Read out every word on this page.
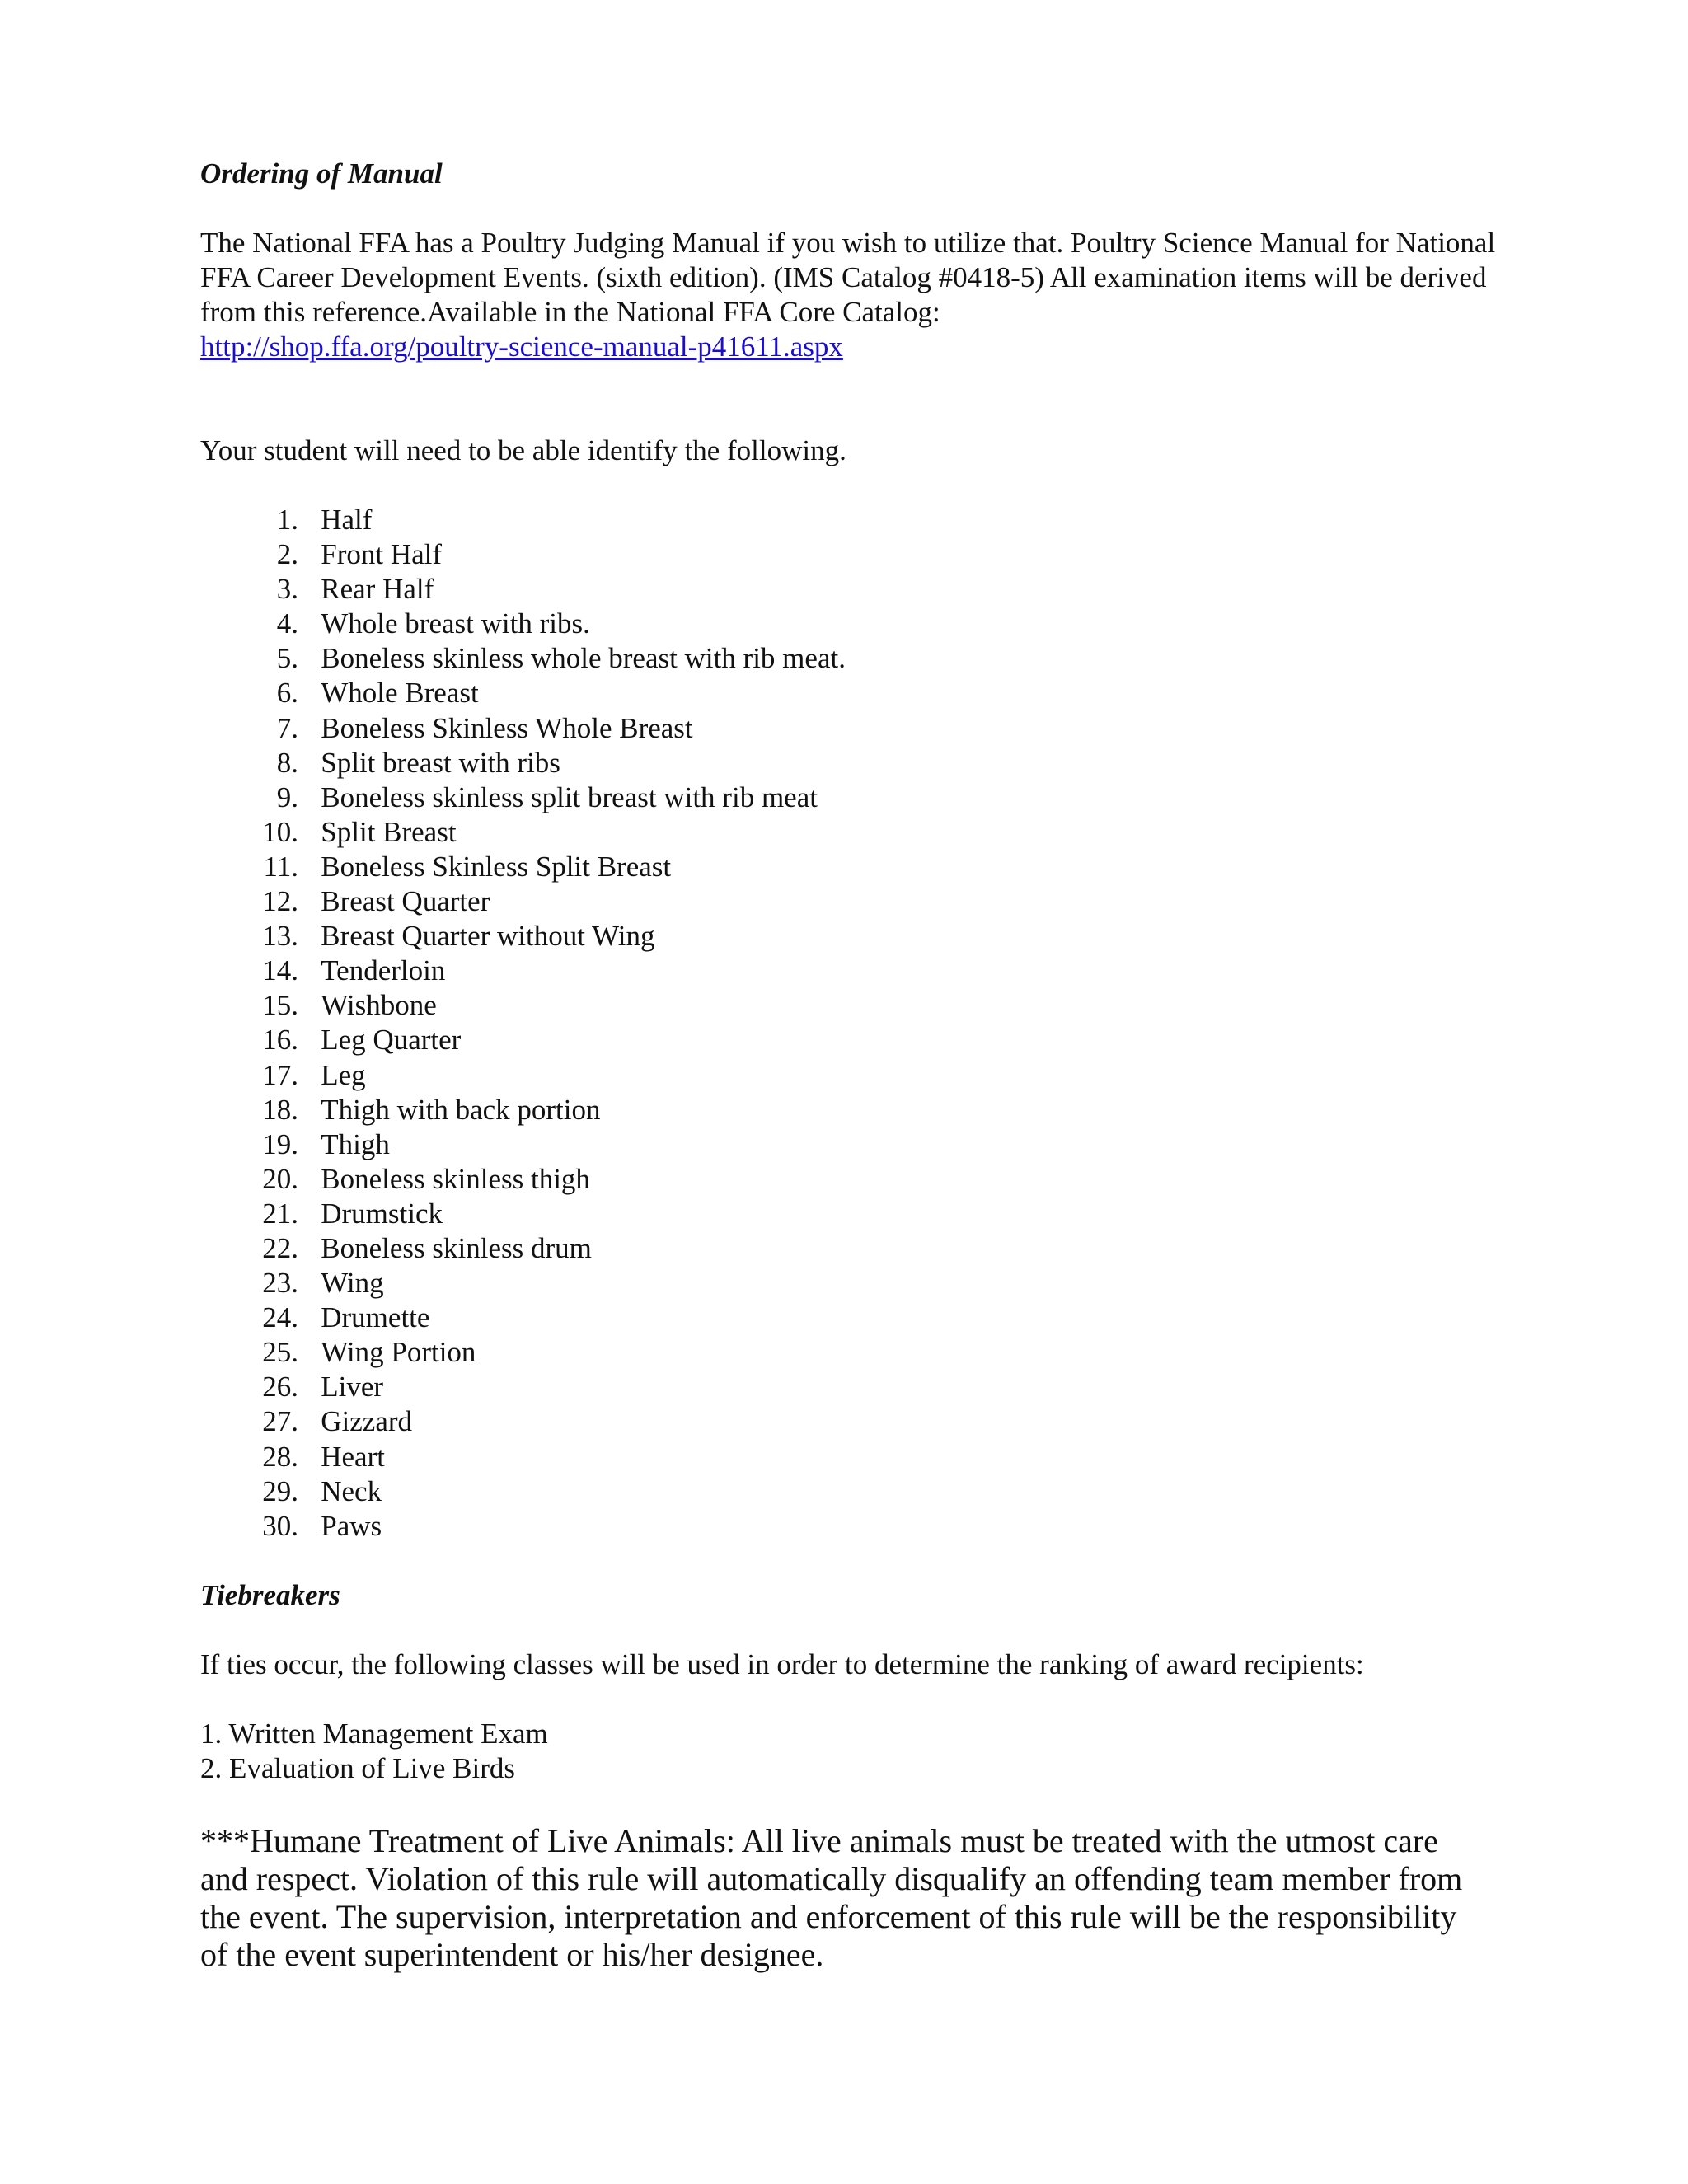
Ordering of Manual

The National FFA has a Poultry Judging Manual if you wish to utilize that. Poultry Science Manual for National FFA Career Development Events. (sixth edition). (IMS Catalog #0418-5) All examination items will be derived from this reference.Available in the National FFA Core Catalog:
http://shop.ffa.org/poultry-science-manual-p41611.aspx

Your student will need to be able identify the following.

1.
Half
2.
Front Half
3.
Rear Half
4.
Whole breast with ribs.
5.
Boneless skinless whole breast with rib meat.
6.
Whole Breast
7.
Boneless Skinless Whole Breast
8.
Split breast with ribs
9.
Boneless skinless split breast with rib meat
10.
Split Breast
11.
Boneless Skinless Split Breast
12.
Breast Quarter
13.
Breast Quarter without Wing
14.
Tenderloin
15.
Wishbone
16.
Leg Quarter
17.
Leg
18.
Thigh with back portion
19.
Thigh
20.
Boneless skinless thigh
21.
Drumstick
22.
Boneless skinless drum
23.
Wing
24.
Drumette
25.
Wing Portion
26.
Liver
27.
Gizzard
28.
Heart
29.
Neck
30.
Paws

Tiebreakers

If ties occur, the following classes will be used in order to determine the ranking of award recipients:

1. Written Management Exam
2. Evaluation of Live Birds

***Humane Treatment of Live Animals: All live animals must be treated with the utmost care and respect. Violation of this rule will automatically disqualify an offending team member from the event. The supervision, interpretation and enforcement of this rule will be the responsibility of the event superintendent or his/her designee.
